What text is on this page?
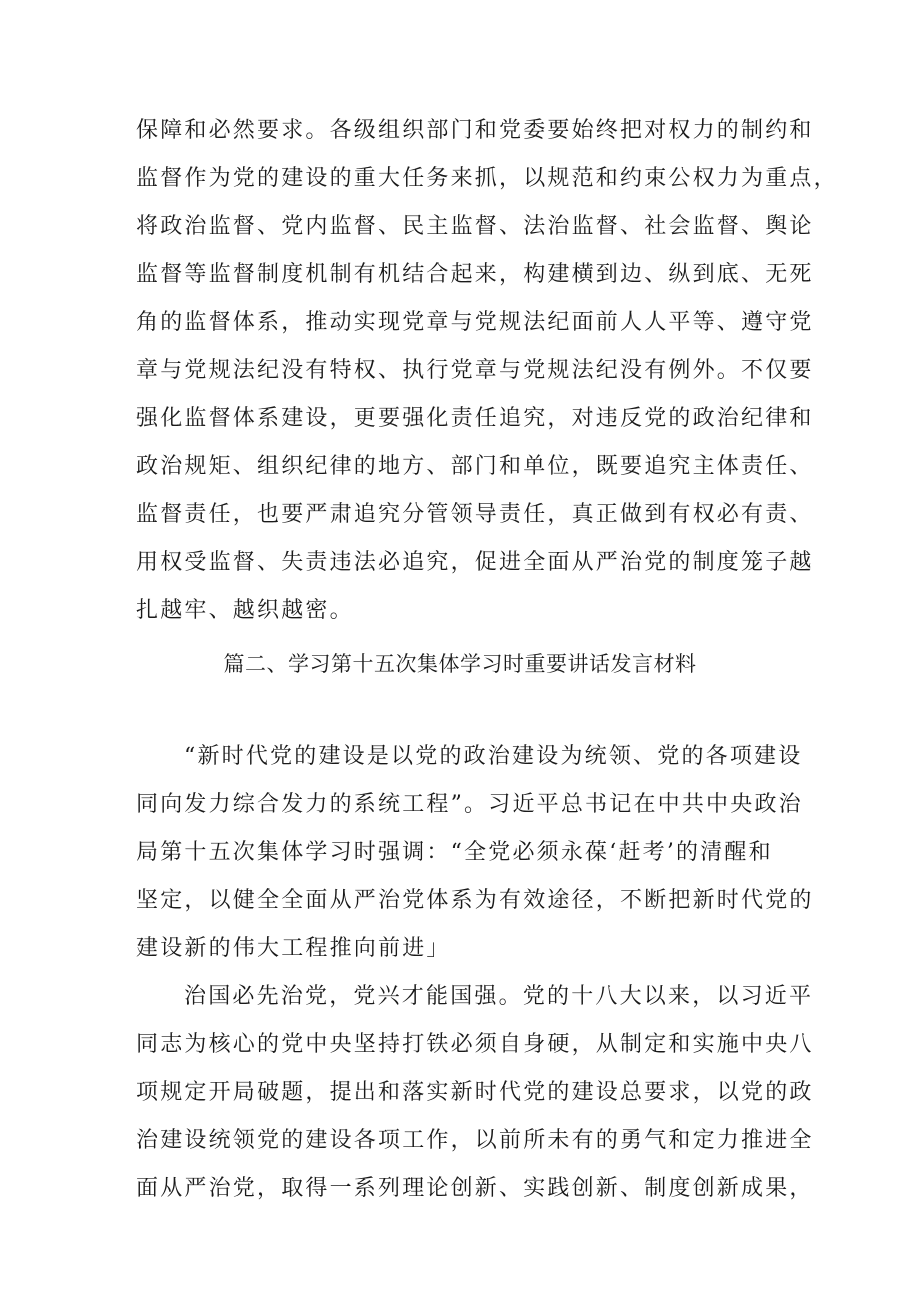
保障和必然要求。各级组织部门和党委要始终把对权力的制约和
监督作为党的建设的重大任务来抓，以规范和约束公权力为重点，
将政治监督、党内监督、民主监督、法治监督、社会监督、舆论
监督等监督制度机制有机结合起来，构建横到边、纵到底、无死
角的监督体系，推动实现党章与党规法纪面前人人平等、遵守党
章与党规法纪没有特权、执行党章与党规法纪没有例外。不仅要
强化监督体系建设，更要强化责任追究，对违反党的政治纪律和
政治规矩、组织纪律的地方、部门和单位，既要追究主体责任、
监督责任，也要严肃追究分管领导责任，真正做到有权必有责、
用权受监督、失责违法必追究，促进全面从严治党的制度笼子越
扎越牢、越织越密。
篇二、学习第十五次集体学习时重要讲话发言材料
“新时代党的建设是以党的政治建设为统领、党的各项建设
同向发力综合发力的系统工程”。习近平总书记在中共中央政治
局第十五次集体学习时强调：“全党必须永葆‘赶考’的清醒和
坚定，以健全全面从严治党体系为有效途径，不断把新时代党的
建设新的伟大工程推向前进」
治国必先治党，党兴才能国强。党的十八大以来，以习近平
同志为核心的党中央坚持打铁必须自身硬，从制定和实施中央八
项规定开局破题，提出和落实新时代党的建设总要求，以党的政
治建设统领党的建设各项工作，以前所未有的勇气和定力推进全
面从严治党，取得一系列理论创新、实践创新、制度创新成果，
